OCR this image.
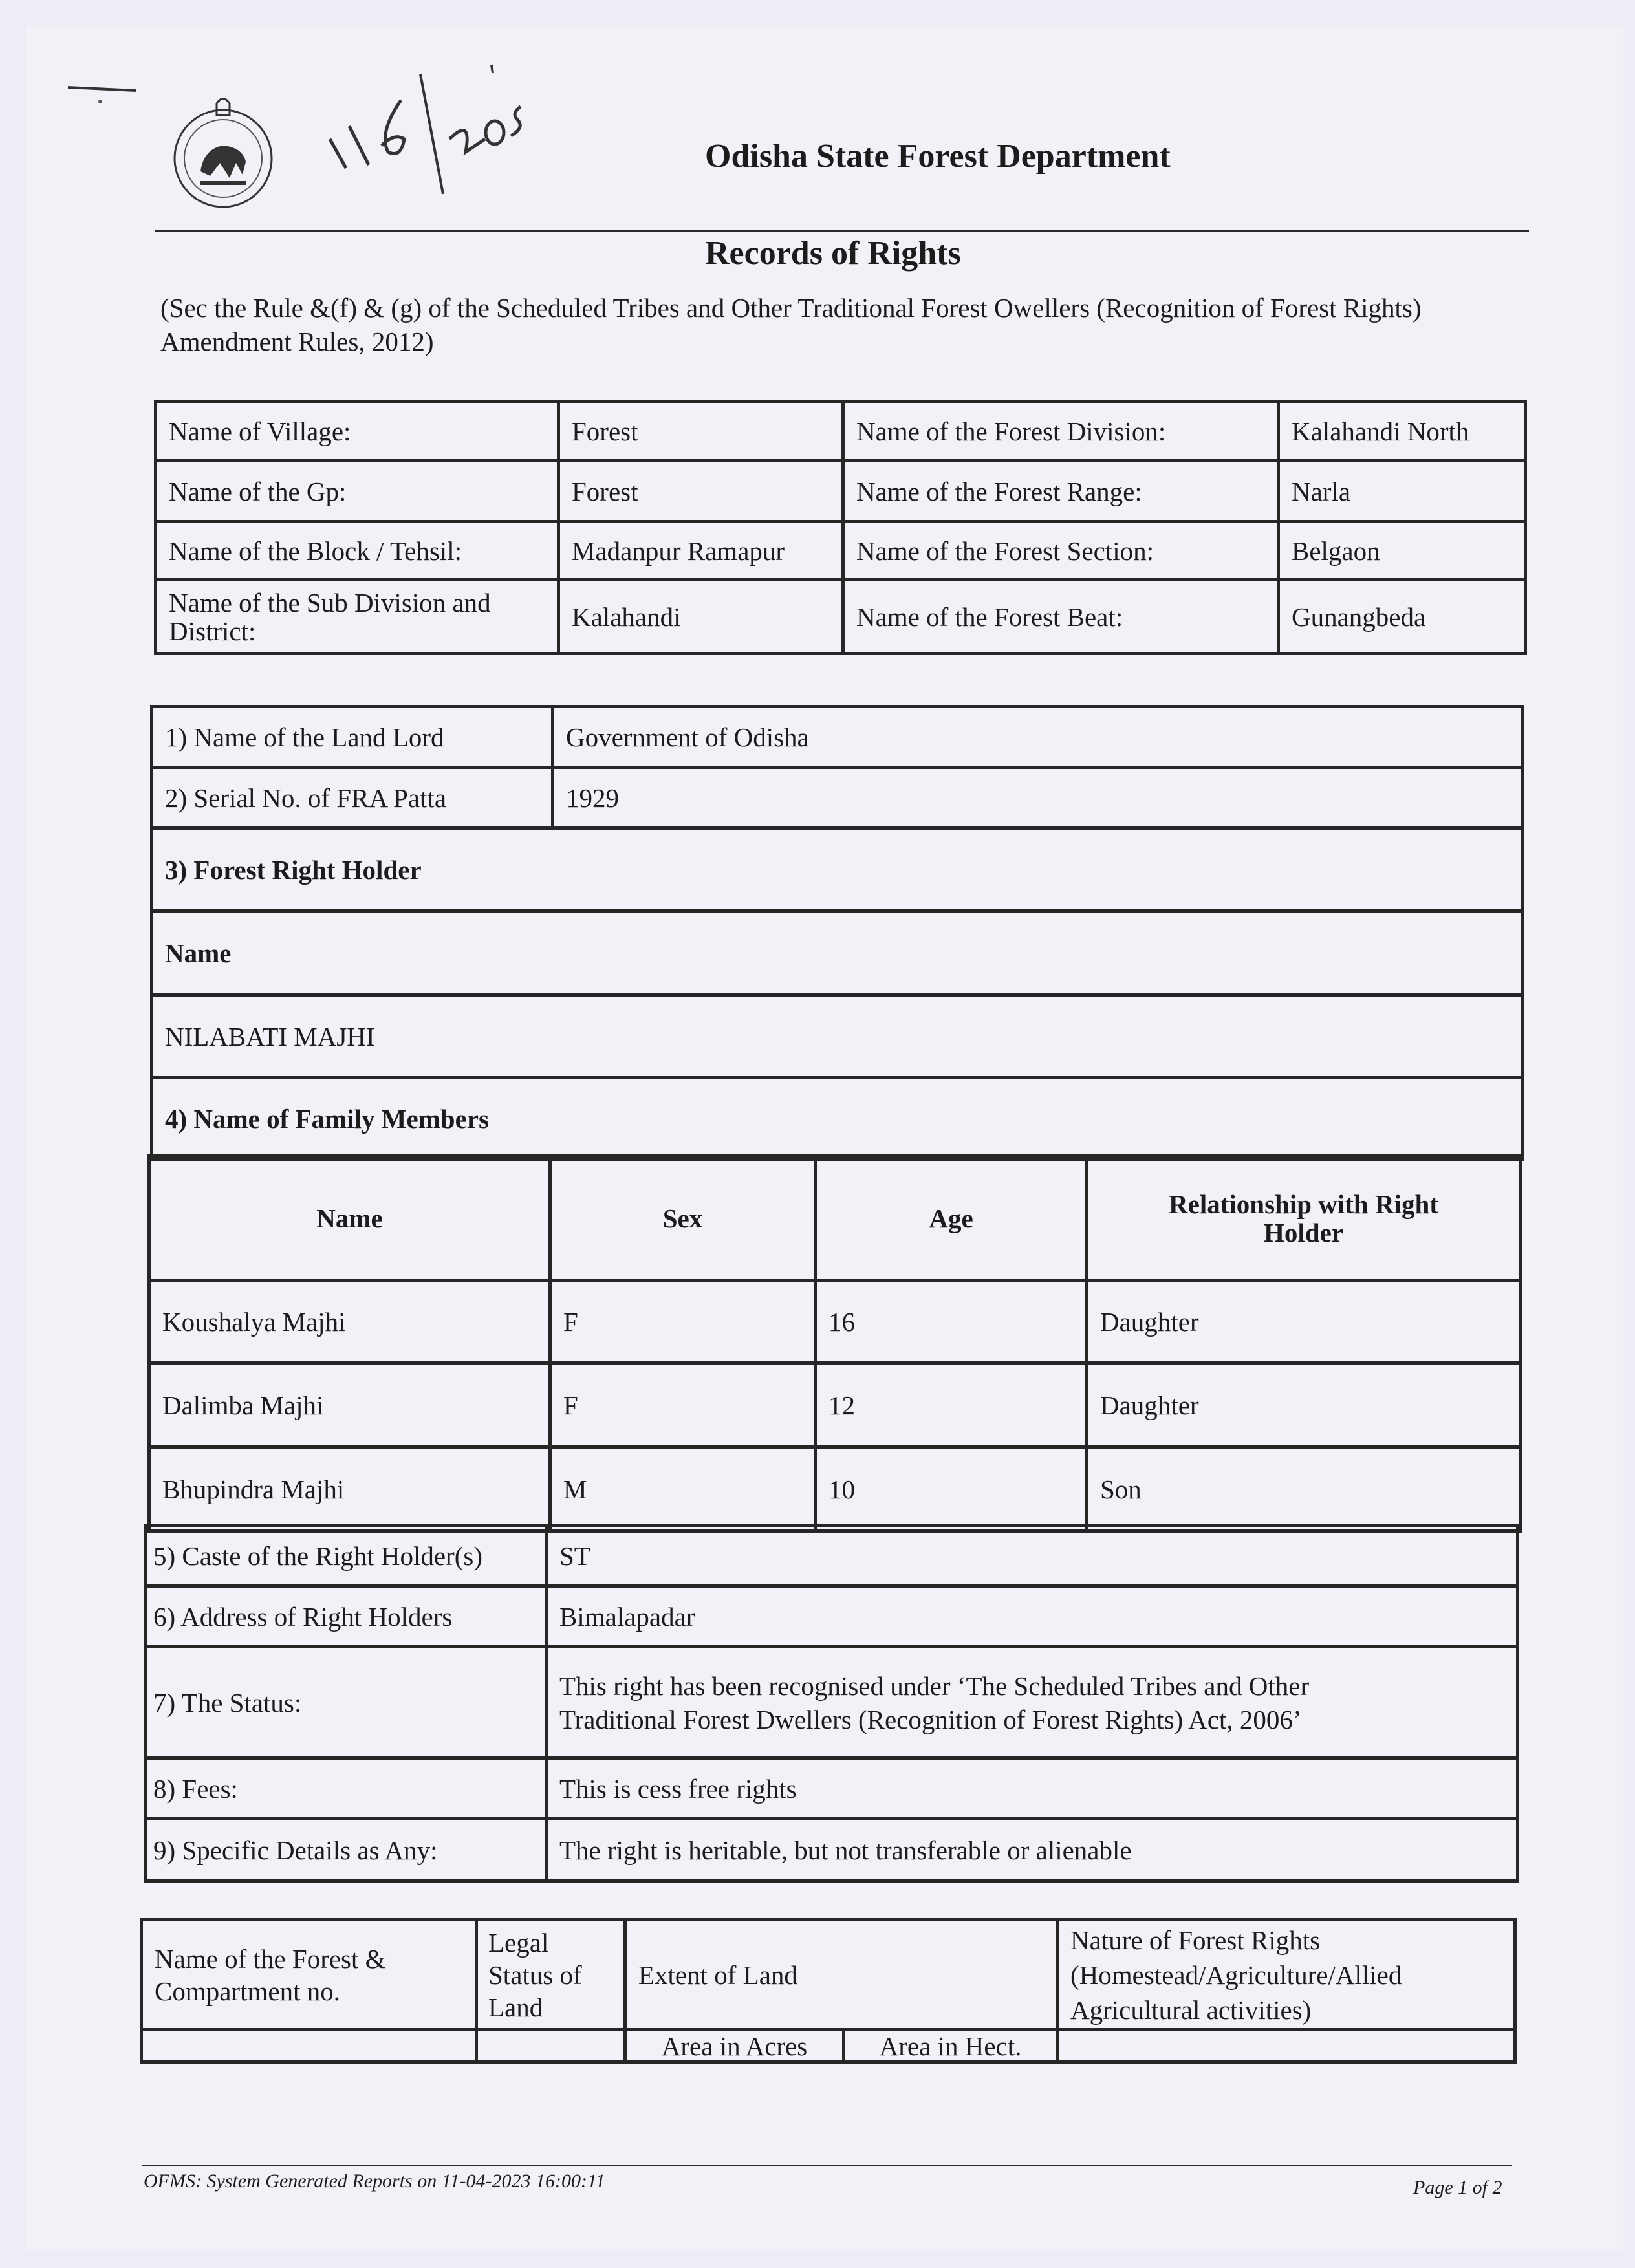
Odisha State Forest Department
Records of Rights
(Sec the Rule &(f) & (g) of the Scheduled Tribes and Other Traditional Forest Owellers (Recognition of Forest Rights) Amendment Rules, 2012)
Name of Village:	Forest	Name of the Forest Division:	Kalahandi North
Name of the Gp:	Forest	Name of the Forest Range:	Narla
Name of the Block / Tehsil:	Madanpur Ramapur	Name of the Forest Section:	Belgaon
Name of the Sub Division and District:	Kalahandi	Name of the Forest Beat:	Gunangbeda
1) Name of the Land Lord	Government of Odisha
2) Serial No. of FRA Patta	1929
3) Forest Right Holder	
Name	
NILABATI MAJHI	
4) Name of Family Members	
Name	Sex	Age	Relationship with Right Holder
Koushalya Majhi	F	16	Daughter
Dalimba Majhi	F	12	Daughter
Bhupindra Majhi	M	10	Son
5) Caste of the Right Holder(s)	ST
6) Address of Right Holders	Bimalapadar
7) The Status:	This right has been recognised under ‘The Scheduled Tribes and Other Traditional Forest Dwellers (Recognition of Forest Rights) Act, 2006’
8) Fees:	This is cess free rights
9) Specific Details as Any:	The right is heritable, but not transferable or alienable
Name of the Forest & Compartment no.	Legal Status of Land	Extent of Land		Nature of Forest Rights (Homestead/Agriculture/Allied Agricultural activities)
		Area in Acres	Area in Hect.	
OFMS: System Generated Reports on 11-04-2023 16:00:11	Page 1 of 2
